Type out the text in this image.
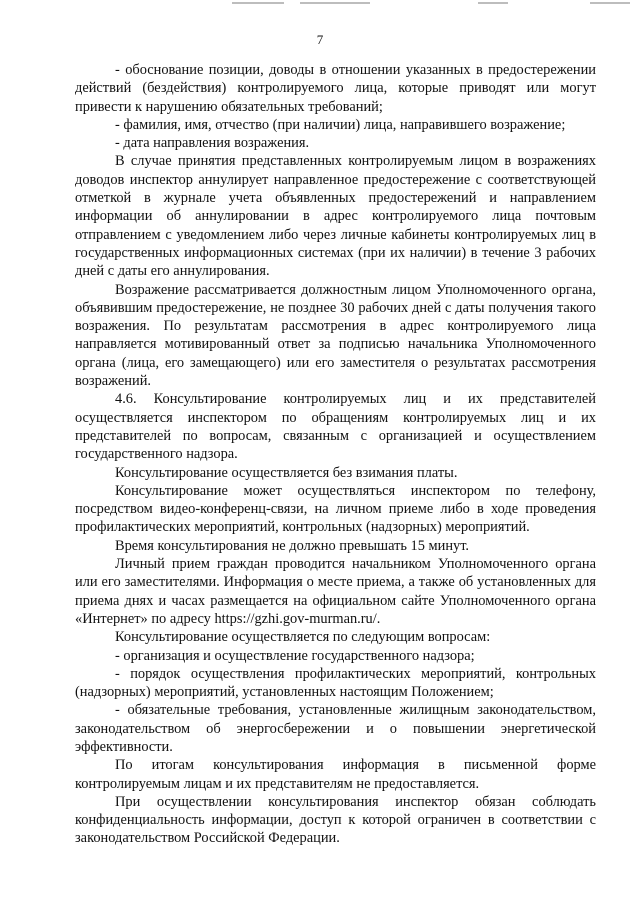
7

- обоснование позиции, доводы в отношении указанных в предостережении действий (бездействия) контролируемого лица, которые приводят или могут привести к нарушению обязательных требований;

- фамилия, имя, отчество (при наличии) лица, направившего возражение;

- дата направления возражения.

В случае принятия представленных контролируемым лицом в возражениях доводов инспектор аннулирует направленное предостережение с соответствующей отметкой в журнале учета объявленных предостережений и направлением информации об аннулировании в адрес контролируемого лица почтовым отправлением с уведомлением либо через личные кабинеты контролируемых лиц в государственных информационных системах (при их наличии) в течение 3 рабочих дней с даты его аннулирования.

Возражение рассматривается должностным лицом Уполномоченного органа, объявившим предостережение, не позднее 30 рабочих дней с даты получения такого возражения. По результатам рассмотрения в адрес контролируемого лица направляется мотивированный ответ за подписью начальника Уполномоченного органа (лица, его замещающего) или его заместителя о результатах рассмотрения возражений.

4.6. Консультирование контролируемых лиц и их представителей осуществляется инспектором по обращениям контролируемых лиц и их представителей по вопросам, связанным с организацией и осуществлением государственного надзора.

Консультирование осуществляется без взимания платы.

Консультирование может осуществляться инспектором по телефону, посредством видео-конференц-связи, на личном приеме либо в ходе проведения профилактических мероприятий, контрольных (надзорных) мероприятий.

Время консультирования не должно превышать 15 минут.

Личный прием граждан проводится начальником Уполномоченного органа или его заместителями. Информация о месте приема, а также об установленных для приема днях и часах размещается на официальном сайте Уполномоченного органа «Интернет» по адресу https://gzhi.gov-murman.ru/.

Консультирование осуществляется по следующим вопросам:

- организация и осуществление государственного надзора;

- порядок осуществления профилактических мероприятий, контрольных (надзорных) мероприятий, установленных настоящим Положением;

- обязательные требования, установленные жилищным законодательством, законодательством об энергосбережении и о повышении энергетической эффективности.

По итогам консультирования информация в письменной форме контролируемым лицам и их представителям не предоставляется.

При осуществлении консультирования инспектор обязан соблюдать конфиденциальность информации, доступ к которой ограничен в соответствии с законодательством Российской Федерации.
